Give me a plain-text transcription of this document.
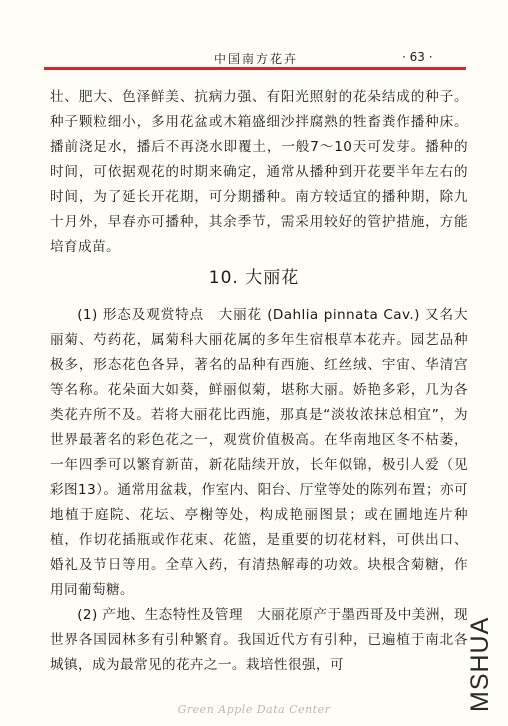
中国南方花卉	· 63 ·

壮、肥大、色泽鲜美、抗病力强、有阳光照射的花朵结成的种子。种子颗粒细小，多用花盆或木箱盛细沙拌腐熟的牲畜粪作播种床。播前浇足水，播后不再浇水即覆土，一般7～10天可发芽。播种的时间，可依据观花的时期来确定，通常从播种到开花要半年左右的时间，为了延长开花期，可分期播种。南方较适宜的播种期，除九十月外，早春亦可播种，其余季节，需采用较好的管护措施，方能培育成苗。

10. 大丽花

(1) 形态及观赏特点　大丽花 (Dahlia pinnata Cav.) 又名大丽菊、芍药花，属菊科大丽花属的多年生宿根草本花卉。园艺品种极多，形态花色各异，著名的品种有西施、红丝绒、宇宙、华清宫等名称。花朵面大如葵，鲜丽似菊，堪称大丽。娇艳多彩，几为各类花卉所不及。若将大丽花比西施，那真是“淡妆浓抹总相宜”，为世界最著名的彩色花之一，观赏价值极高。在华南地区冬不枯萎，一年四季可以繁育新苗，新花陆续开放，长年似锦，极引人爱（见彩图13）。通常用盆栽，作室内、阳台、厅堂等处的陈列布置；亦可地植于庭院、花坛、亭榭等处，构成艳丽图景；或在圃地连片种植，作切花插瓶或作花束、花篮，是重要的切花材料，可供出口、婚礼及节日等用。全草入药，有清热解毒的功效。块根含菊糖，作用同葡萄糖。

(2) 产地、生态特性及管理　大丽花原产于墨西哥及中美洲，现世界各国园林多有引种繁育。我国近代方有引种，已遍植于南北各城镇，成为最常见的花卉之一。栽培性很强，可	MSHUA
Green Apple Data Center
